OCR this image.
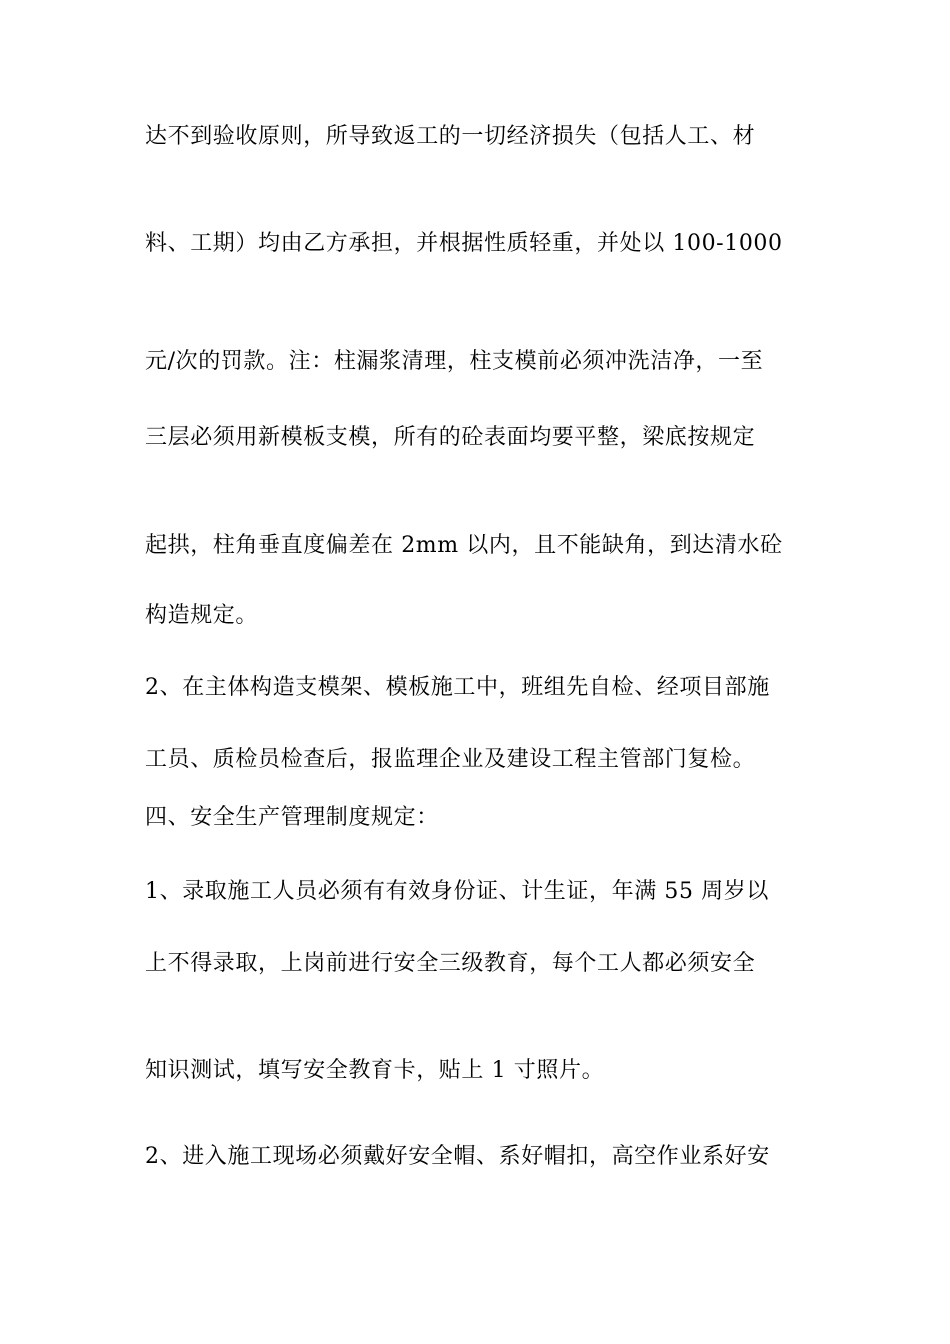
达不到验收原则，所导致返工的一切经济损失（包括人工、材
料、工期）均由乙方承担，并根据性质轻重，并处以 100-1000
元/次的罚款。注：柱漏浆清理，柱支模前必须冲洗洁净，一至
三层必须用新模板支模，所有的砼表面均要平整，梁底按规定
起拱，柱角垂直度偏差在 2mm 以内，且不能缺角，到达清水砼
构造规定。
2、在主体构造支模架、模板施工中，班组先自检、经项目部施
工员、质检员检查后，报监理企业及建设工程主管部门复检。
四、安全生产管理制度规定：
1、录取施工人员必须有有效身份证、计生证，年满 55 周岁以
上不得录取，上岗前进行安全三级教育，每个工人都必须安全
知识测试，填写安全教育卡，贴上 1 寸照片。
2、进入施工现场必须戴好安全帽、系好帽扣，高空作业系好安
